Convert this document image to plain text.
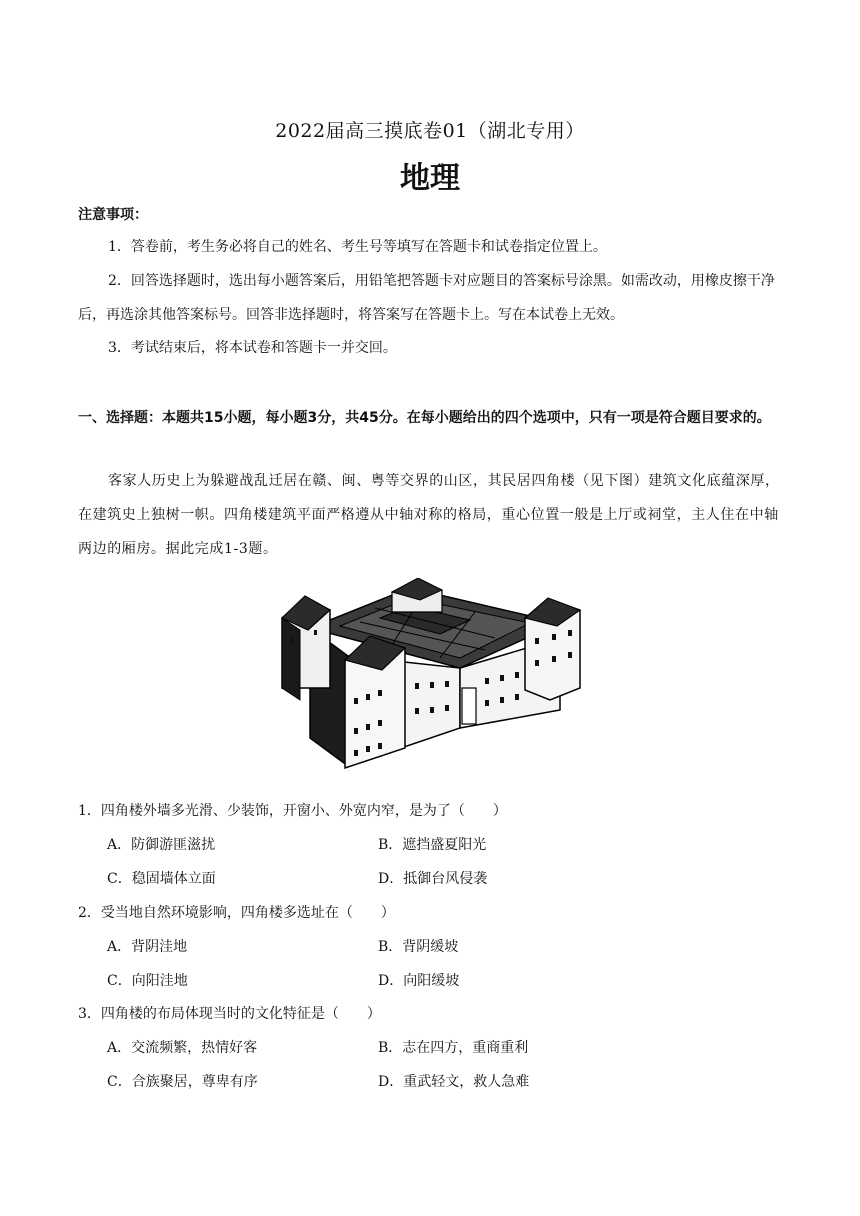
2022届高三摸底卷01（湖北专用）
地理
注意事项：
1．答卷前，考生务必将自己的姓名、考生号等填写在答题卡和试卷指定位置上。
2．回答选择题时，选出每小题答案后，用铅笔把答题卡对应题目的答案标号涂黑。如需改动，用橡皮擦干净后，再选涂其他答案标号。回答非选择题时，将答案写在答题卡上。写在本试卷上无效。
3．考试结束后，将本试卷和答题卡一并交回。
一、选择题：本题共15小题，每小题3分，共45分。在每小题给出的四个选项中，只有一项是符合题目要求的。
客家人历史上为躲避战乱迁居在赣、闽、粤等交界的山区，其民居四角楼（见下图）建筑文化底蕴深厚，在建筑史上独树一帜。四角楼建筑平面严格遵从中轴对称的格局，重心位置一般是上厅或祠堂，主人住在中轴两边的厢房。据此完成1-3题。
1．四角楼外墙多光滑、少装饰，开窗小、外宽内窄，是为了（　　）
A．防御游匪滋扰	B．遮挡盛夏阳光
C．稳固墙体立面	D．抵御台风侵袭
2．受当地自然环境影响，四角楼多选址在（　　）
A．背阴洼地	B．背阴缓坡
C．向阳洼地	D．向阳缓坡
3．四角楼的布局体现当时的文化特征是（　　）
A．交流频繁，热情好客	B．志在四方，重商重利
C．合族聚居，尊卑有序	D．重武轻文，救人急难
